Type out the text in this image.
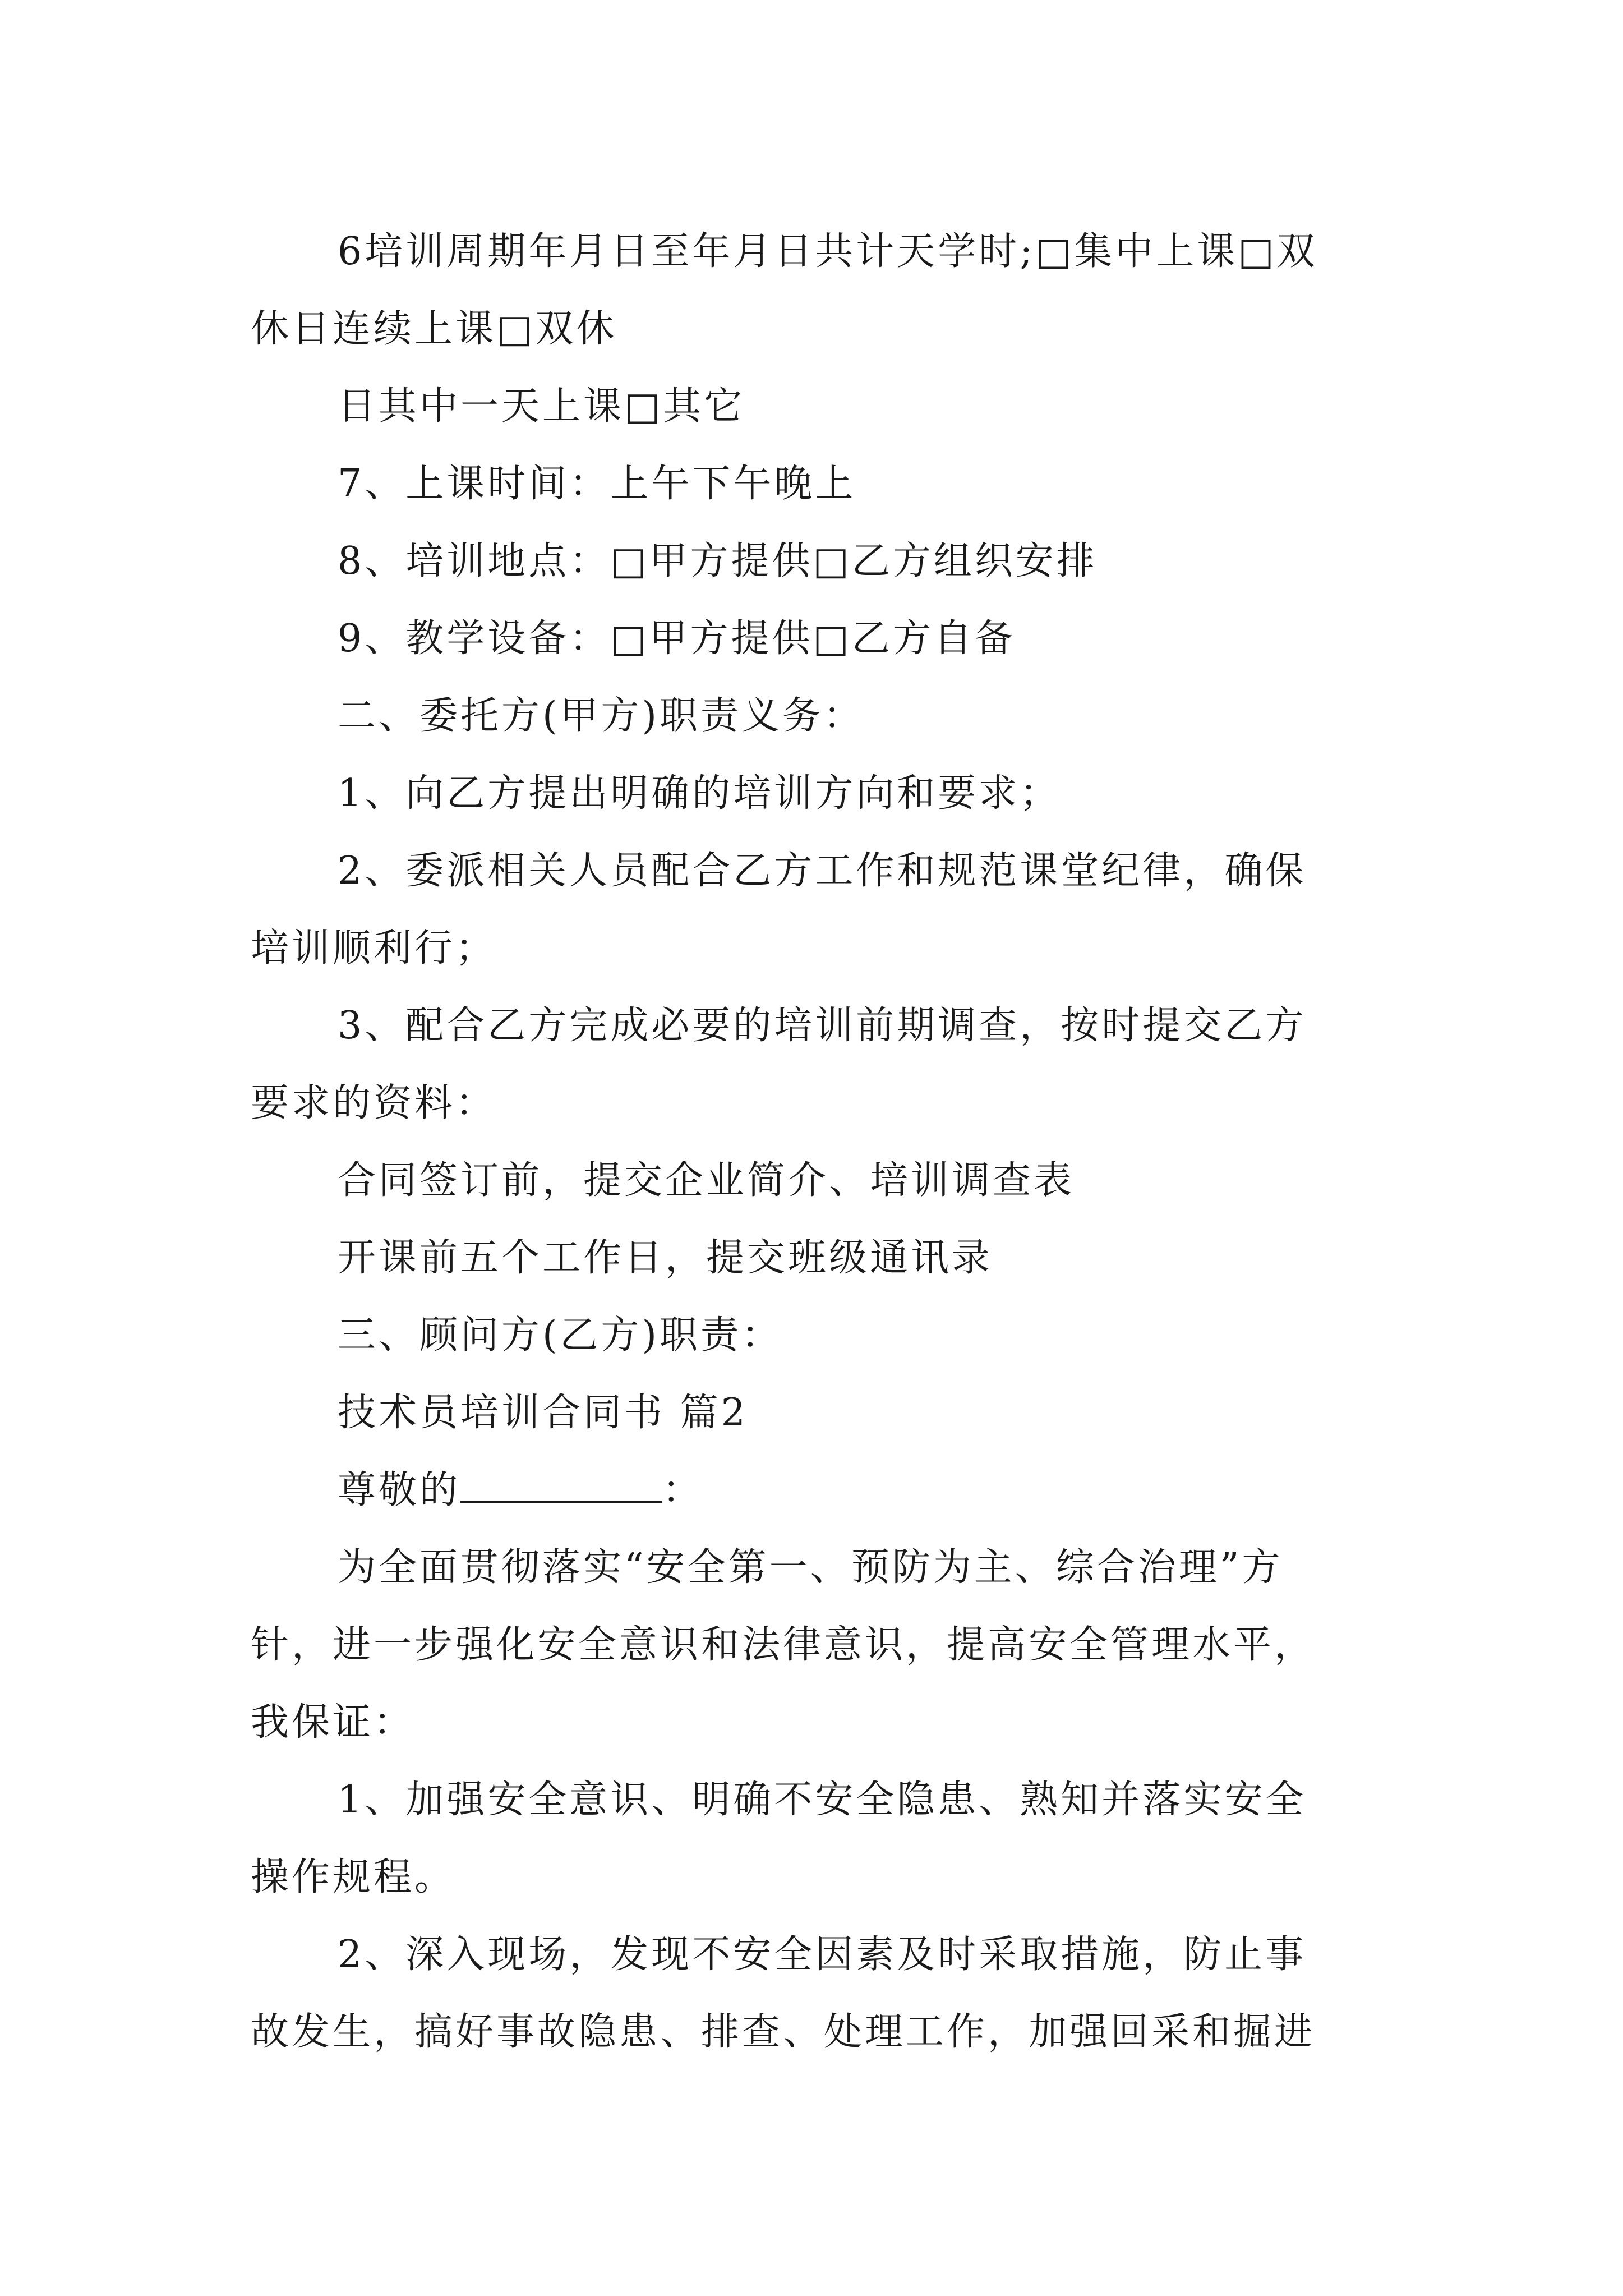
6培训周期年月日至年月日共计天学时;□集中上课□双
休日连续上课□双休
日其中一天上课□其它
7、上课时间：上午下午晚上
8、培训地点：□甲方提供□乙方组织安排
9、教学设备：□甲方提供□乙方自备
二、委托方(甲方)职责义务：
1、向乙方提出明确的培训方向和要求；
2、委派相关人员配合乙方工作和规范课堂纪律，确保
培训顺利行；
3、配合乙方完成必要的培训前期调查，按时提交乙方
要求的资料：
合同签订前，提交企业简介、培训调查表
开课前五个工作日，提交班级通讯录
三、顾问方(乙方)职责：
技术员培训合同书 篇2
尊敬的	：
为全面贯彻落实“安全第一、预防为主、综合治理”方
针，进一步强化安全意识和法律意识，提高安全管理水平，
我保证：
1、加强安全意识、明确不安全隐患、熟知并落实安全
操作规程。
2、深入现场，发现不安全因素及时采取措施，防止事
故发生，搞好事故隐患、排查、处理工作，加强回采和掘进
